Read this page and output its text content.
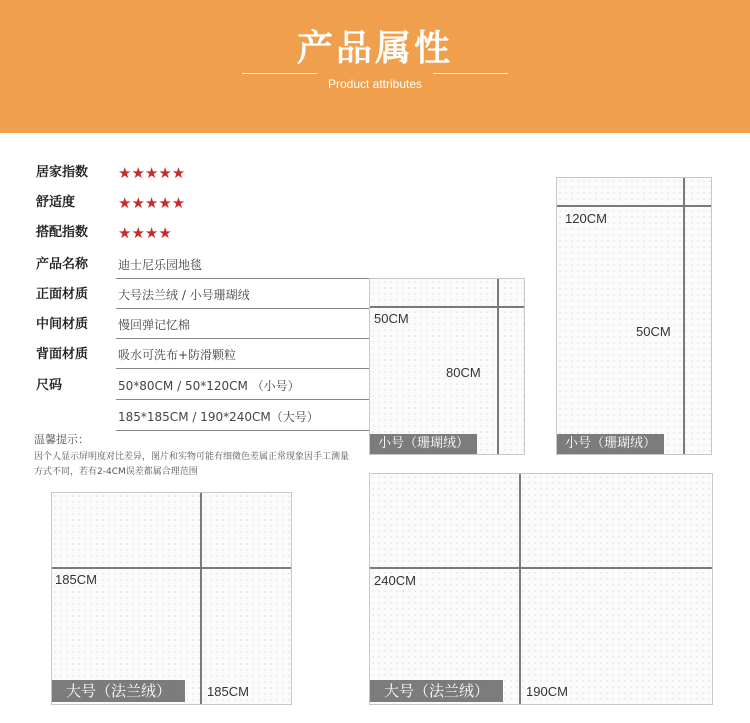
产品属性
Product attributes
居家指数	★★★★★
舒适度	★★★★★
搭配指数	★★★★
产品名称	迪士尼乐园地毯
正面材质	大号法兰绒 / 小号珊瑚绒
中间材质	慢回弹记忆棉
背面材质	吸水可洗布+防滑颗粒
尺码	50*80CM / 50*120CM （小号）
185*185CM / 190*240CM（大号）
温馨提示：
因个人显示屏明度对比差异，图片和实物可能有细微色差属正常现象因手工测量方式不同，若有2-4CM误差都属合理范围
50CM
80CM
小号（珊瑚绒）
120CM
50CM
小号（珊瑚绒）
185CM
185CM
大号（法兰绒）
240CM
190CM
大号（法兰绒）
